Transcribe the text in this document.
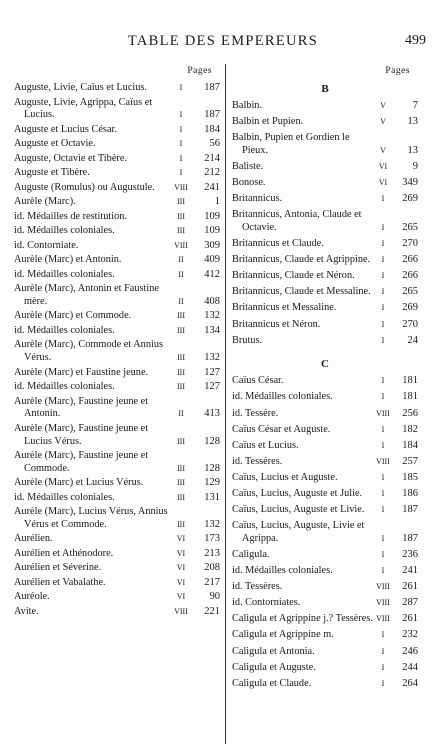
TABLE DES EMPEREURS	499
Pages
Auguste, Livie, Caïus et Lucius.	I	187
Auguste, Livie, Agrippa, Caïus et Lucius.	I	187
Auguste et Lucius César.	I	184
Auguste et Octavie.	I	56
Auguste, Octavie et Tibère.	I	214
Auguste et Tibère.	I	212
Auguste (Romulus) ou Augustule.	VIII	241
Aurèle (Marc).	III	1
id. Médailles de restitution.	III	109
id. Médailles coloniales.	III	109
id. Contorniate.	VIII	309
Aurèle (Marc) et Antonin.	II	409
id. Médailles coloniales.	II	412
Aurèle (Marc), Antonin et Faustine mère.	II	408
Aurèle (Marc) et Commode.	III	132
id. Médailles coloniales.	III	134
Aurèle (Marc), Commode et Annius Vérus.	III	132
Aurèle (Marc) et Faustine jeune.	III	127
id. Médailles coloniales.	III	127
Aurèle (Marc), Faustine jeune et Antonin.	II	413
Aurèle (Marc), Faustine jeune et Lucius Vérus.	III	128
Aurèle (Marc), Faustine jeune et Commode.	III	128
Aurèle (Marc) et Lucius Vérus.	III	129
id. Médailles coloniales.	III	131
Aurèle (Marc), Lucius Vérus, Annius Vérus et Commode.	III	132
Aurélien.	VI	173
Aurélien et Athénodore.	VI	213
Aurélien et Séverine.	VI	208
Aurélien et Vabalathe.	VI	217
Auréole.	VI	90
Avite.	VIII	221
Pages
B
Balbin.	V	7
Balbin et Pupien.	V	13
Balbin, Pupien et Gordien le Pieux.	V	13
Baliste.	VI	9
Bonose.	VI	349
Britannicus.	I	269
Britannicus, Antonia, Claude et Octavie.	I	265
Britannicus et Claude.	I	270
Britannicus, Claude et Agrippine.	I	266
Britannicus, Claude et Néron.	I	266
Britannicus, Claude et Messaline.	I	265
Britannicus et Messaline.	I	269
Britannicus et Néron.	I	270
Brutus.	I	24
C
Caïus César.	I	181
id. Médailles coloniales.	I	181
id. Tessère.	VIII	256
Caïus César et Auguste.	I	182
Caïus et Lucius.	I	184
id. Tessères.	VIII	257
Caïus, Lucius et Auguste.	I	185
Caïus, Lucius, Auguste et Julie.	I	186
Caïus, Lucius, Auguste et Livie.	I	187
Caïus, Lucius, Auguste, Livie et Agrippa.	I	187
Caligula.	I	236
id. Médailles coloniales.	I	241
id. Tessères.	VIII	261
id. Contorniates.	VIII	287
Caligula et Agrippine j.? Tessères. VIII	261
Caligula et Agrippine m.	I	232
Caligula et Antonia.	I	246
Caligula et Auguste.	I	244
Caligula et Claude.	I	264
